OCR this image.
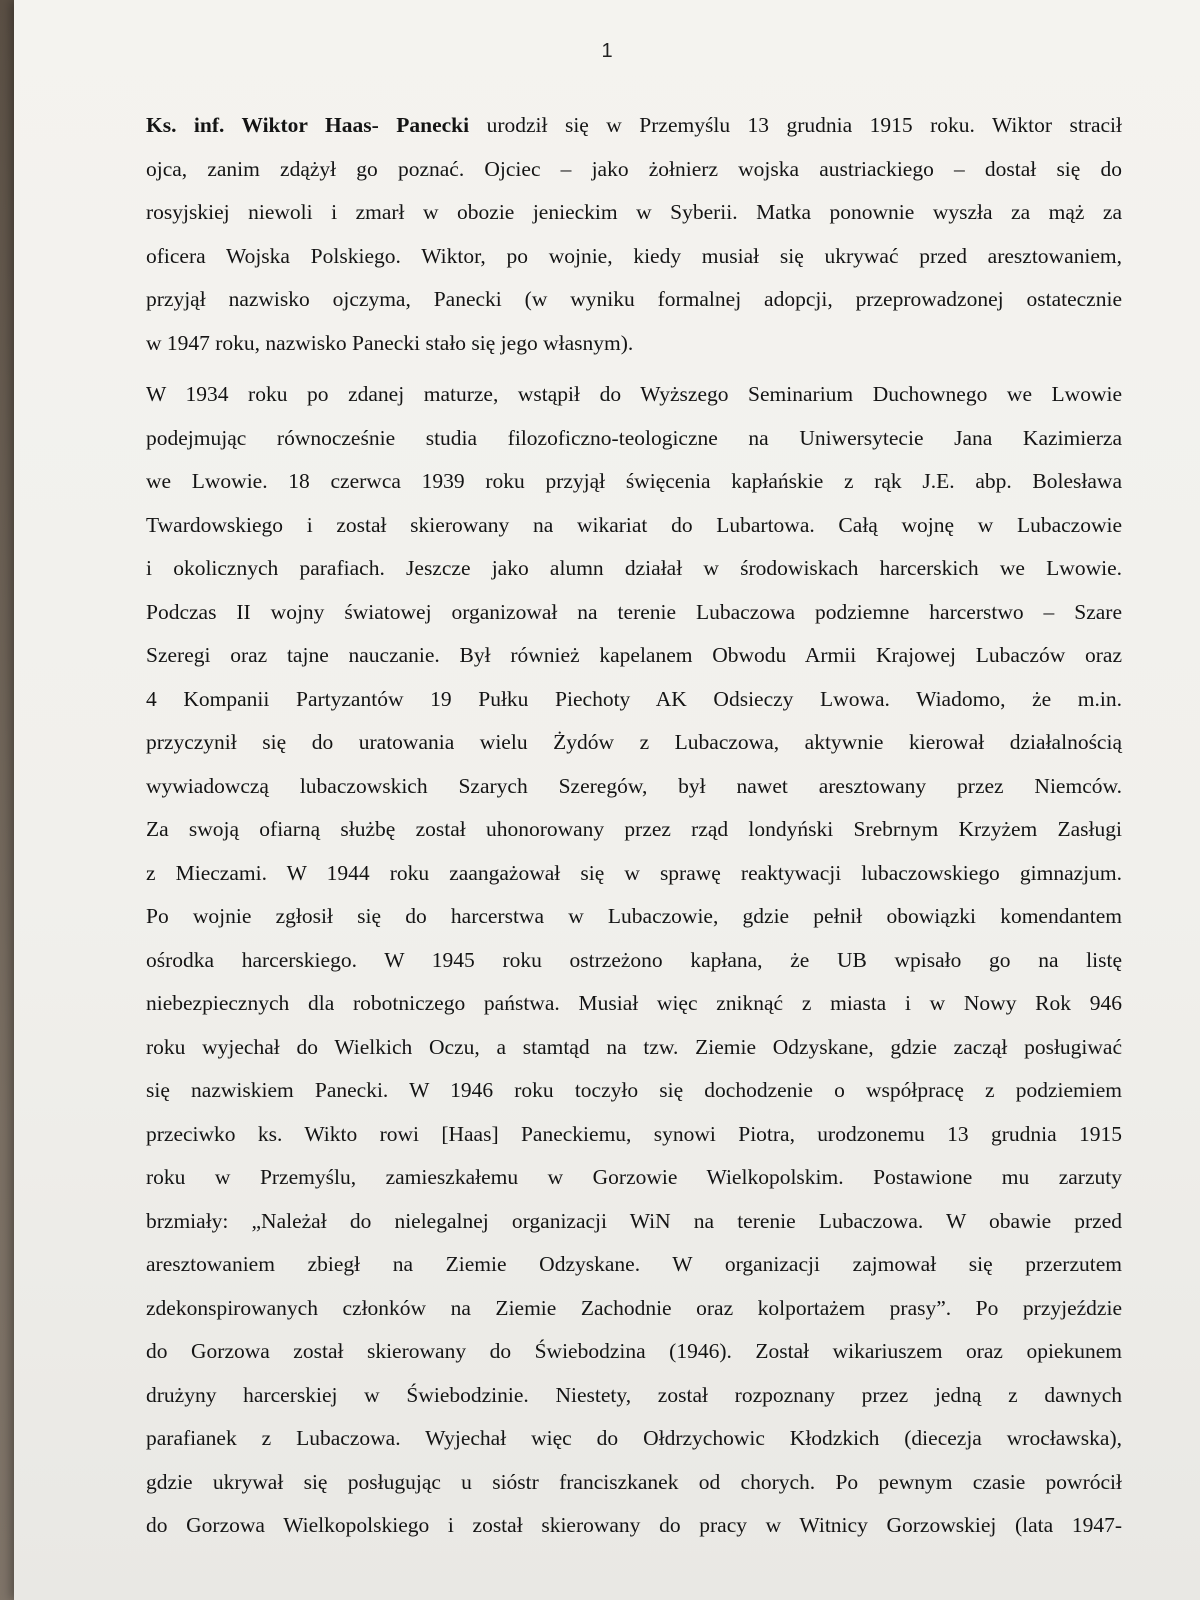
1
Ks. inf. Wiktor Haas- Panecki urodził się w Przemyślu 13 grudnia 1915 roku. Wiktor stracił
ojca, zanim zdążył go poznać. Ojciec – jako żołnierz wojska austriackiego – dostał się do
rosyjskiej niewoli i zmarł w obozie jenieckim w Syberii. Matka ponownie wyszła za mąż za
oficera Wojska Polskiego. Wiktor, po wojnie, kiedy musiał się ukrywać przed aresztowaniem,
przyjął nazwisko ojczyma, Panecki (w wyniku formalnej adopcji, przeprowadzonej ostatecznie
w 1947 roku, nazwisko Panecki stało się jego własnym).
W 1934 roku po zdanej maturze, wstąpił do Wyższego Seminarium Duchownego we Lwowie
podejmując równocześnie studia filozoficzno-teologiczne na Uniwersytecie Jana Kazimierza
we Lwowie. 18 czerwca 1939 roku przyjął święcenia kapłańskie z rąk J.E. abp. Bolesława
Twardowskiego i został skierowany na wikariat do Lubartowa. Całą wojnę w Lubaczowie
i okolicznych parafiach. Jeszcze jako alumn działał w środowiskach harcerskich we Lwowie.
Podczas II wojny światowej organizował na terenie Lubaczowa podziemne harcerstwo – Szare
Szeregi oraz tajne nauczanie. Był również kapelanem Obwodu Armii Krajowej Lubaczów oraz
4 Kompanii Partyzantów 19 Pułku Piechoty AK Odsieczy Lwowa. Wiadomo, że m.in.
przyczynił się do uratowania wielu Żydów z Lubaczowa, aktywnie kierował działalnością
wywiadowczą lubaczowskich Szarych Szeregów, był nawet aresztowany przez Niemców.
Za swoją ofiarną służbę został uhonorowany przez rząd londyński Srebrnym Krzyżem Zasługi
z Mieczami. W 1944 roku zaangażował się w sprawę reaktywacji lubaczowskiego gimnazjum.
Po wojnie zgłosił się do harcerstwa w Lubaczowie, gdzie pełnił obowiązki komendantem
ośrodka harcerskiego. W 1945 roku ostrzeżono kapłana, że UB wpisało go na listę
niebezpiecznych dla robotniczego państwa. Musiał więc zniknąć z miasta i w Nowy Rok 946
roku wyjechał do Wielkich Oczu, a stamtąd na tzw. Ziemie Odzyskane, gdzie zaczął posługiwać
się nazwiskiem Panecki. W 1946 roku toczyło się dochodzenie o współpracę z podziemiem
przeciwko ks. Wikto rowi [Haas] Paneckiemu, synowi Piotra, urodzonemu 13 grudnia 1915
roku w Przemyślu, zamieszkałemu w Gorzowie Wielkopolskim. Postawione mu zarzuty
brzmiały: „Należał do nielegalnej organizacji WiN na terenie Lubaczowa. W obawie przed
aresztowaniem zbiegł na Ziemie Odzyskane. W organizacji zajmował się przerzutem
zdekonspirowanych członków na Ziemie Zachodnie oraz kolportażem prasy”. Po przyjeździe
do Gorzowa został skierowany do Świebodzina (1946). Został wikariuszem oraz opiekunem
drużyny harcerskiej w Świebodzinie. Niestety, został rozpoznany przez jedną z dawnych
parafianek z Lubaczowa. Wyjechał więc do Ołdrzychowic Kłodzkich (diecezja wrocławska),
gdzie ukrywał się posługując u sióstr franciszkanek od chorych. Po pewnym czasie powrócił
do Gorzowa Wielkopolskiego i został skierowany do pracy w Witnicy Gorzowskiej (lata 1947-
